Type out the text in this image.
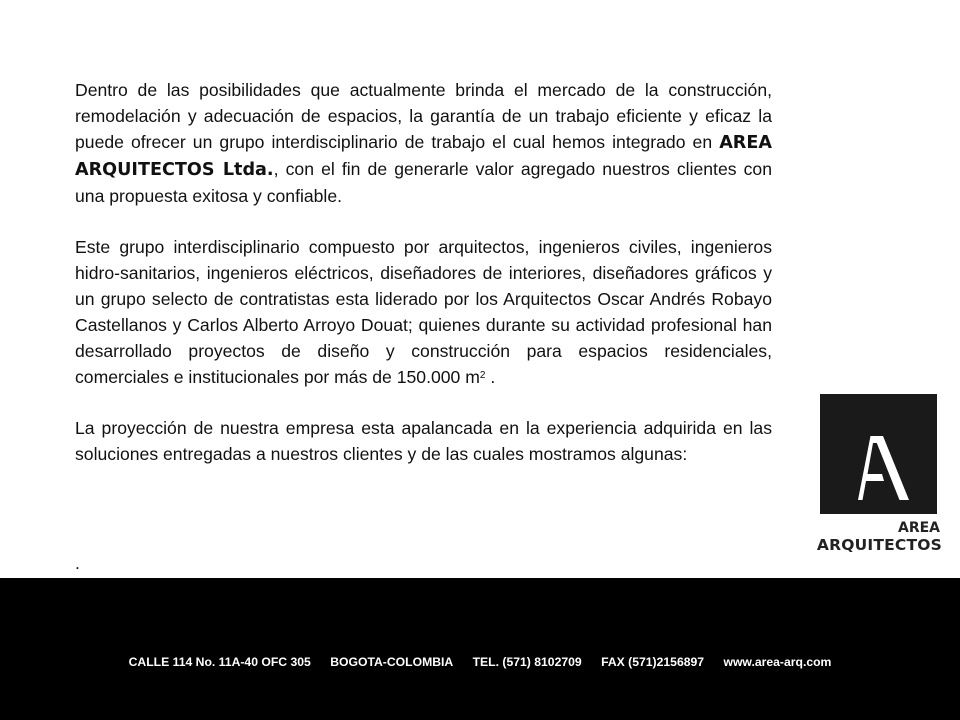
Dentro de las posibilidades que actualmente brinda el mercado de la construcción, remodelación y adecuación de espacios, la garantía de un trabajo eficiente y eficaz la puede ofrecer un grupo interdisciplinario de trabajo el cual hemos integrado en AREA ARQUITECTOS Ltda., con el fin de generarle valor agregado nuestros clientes con una propuesta exitosa y confiable.

Este grupo interdisciplinario compuesto por arquitectos, ingenieros civiles, ingenieros hidro-sanitarios, ingenieros eléctricos, diseñadores de interiores, diseñadores gráficos y un grupo selecto de contratistas esta liderado por los Arquitectos Oscar Andrés Robayo Castellanos y Carlos Alberto Arroyo Douat; quienes durante su actividad profesional han desarrollado proyectos de diseño y construcción para espacios residenciales, comerciales e institucionales por más de 150.000 $m^2$ .

La proyección de nuestra empresa esta apalancada en la experiencia adquirida en las soluciones entregadas a nuestros clientes y de las cuales mostramos algunas:

.
AREA
ARQUITECTOS
CALLE 114 No. 11A-40 OFC 305 BOGOTA-COLOMBIA TEL. (571) 8102709 FAX (571)2156897 www.area-arq.com
